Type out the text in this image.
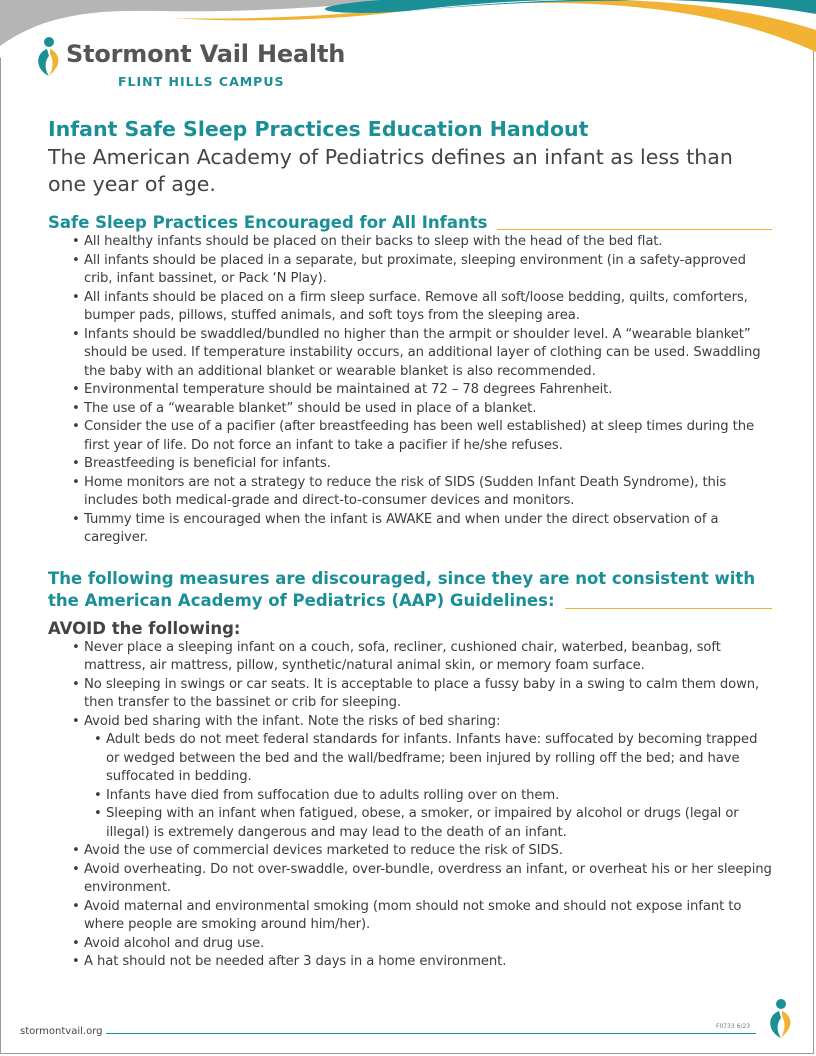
Stormont Vail Health
FLINT HILLS CAMPUS
Infant Safe Sleep Practices Education Handout

The American Academy of Pediatrics defines an infant as less than one year of age.

Safe Sleep Practices Encouraged for All Infants
• All healthy infants should be placed on their backs to sleep with the head of the bed flat.
• All infants should be placed in a separate, but proximate, sleeping environment (in a safety-approved crib, infant bassinet, or Pack ‘N Play).
• All infants should be placed on a firm sleep surface. Remove all soft/loose bedding, quilts, comforters, bumper pads, pillows, stuffed animals, and soft toys from the sleeping area.
• Infants should be swaddled/bundled no higher than the armpit or shoulder level. A “wearable blanket” should be used. If temperature instability occurs, an additional layer of clothing can be used. Swaddling the baby with an additional blanket or wearable blanket is also recommended.
• Environmental temperature should be maintained at 72 – 78 degrees Fahrenheit.
• The use of a “wearable blanket” should be used in place of a blanket.
• Consider the use of a pacifier (after breastfeeding has been well established) at sleep times during the first year of life. Do not force an infant to take a pacifier if he/she refuses.
• Breastfeeding is beneficial for infants.
• Home monitors are not a strategy to reduce the risk of SIDS (Sudden Infant Death Syndrome), this includes both medical-grade and direct-to-consumer devices and monitors.
• Tummy time is encouraged when the infant is AWAKE and when under the direct observation of a caregiver.
The following measures are discouraged, since they are not consistent with
the American Academy of Pediatrics (AAP) Guidelines:
AVOID the following:
• Never place a sleeping infant on a couch, sofa, recliner, cushioned chair, waterbed, beanbag, soft mattress, air mattress, pillow, synthetic/natural animal skin, or memory foam surface.
• No sleeping in swings or car seats. It is acceptable to place a fussy baby in a swing to calm them down, then transfer to the bassinet or crib for sleeping.
• Avoid bed sharing with the infant. Note the risks of bed sharing:
• Adult beds do not meet federal standards for infants. Infants have: suffocated by becoming trapped or wedged between the bed and the wall/bedframe; been injured by rolling off the bed; and have suffocated in bedding.
• Infants have died from suffocation due to adults rolling over on them.
• Sleeping with an infant when fatigued, obese, a smoker, or impaired by alcohol or drugs (legal or illegal) is extremely dangerous and may lead to the death of an infant.
• Avoid the use of commercial devices marketed to reduce the risk of SIDS.
• Avoid overheating. Do not over-swaddle, over-bundle, overdress an infant, or overheat his or her sleeping environment.
• Avoid maternal and environmental smoking (mom should not smoke and should not expose infant to where people are smoking around him/her).
• Avoid alcohol and drug use.
• A hat should not be needed after 3 days in a home environment.
stormontvail.org	F0733 6/23
